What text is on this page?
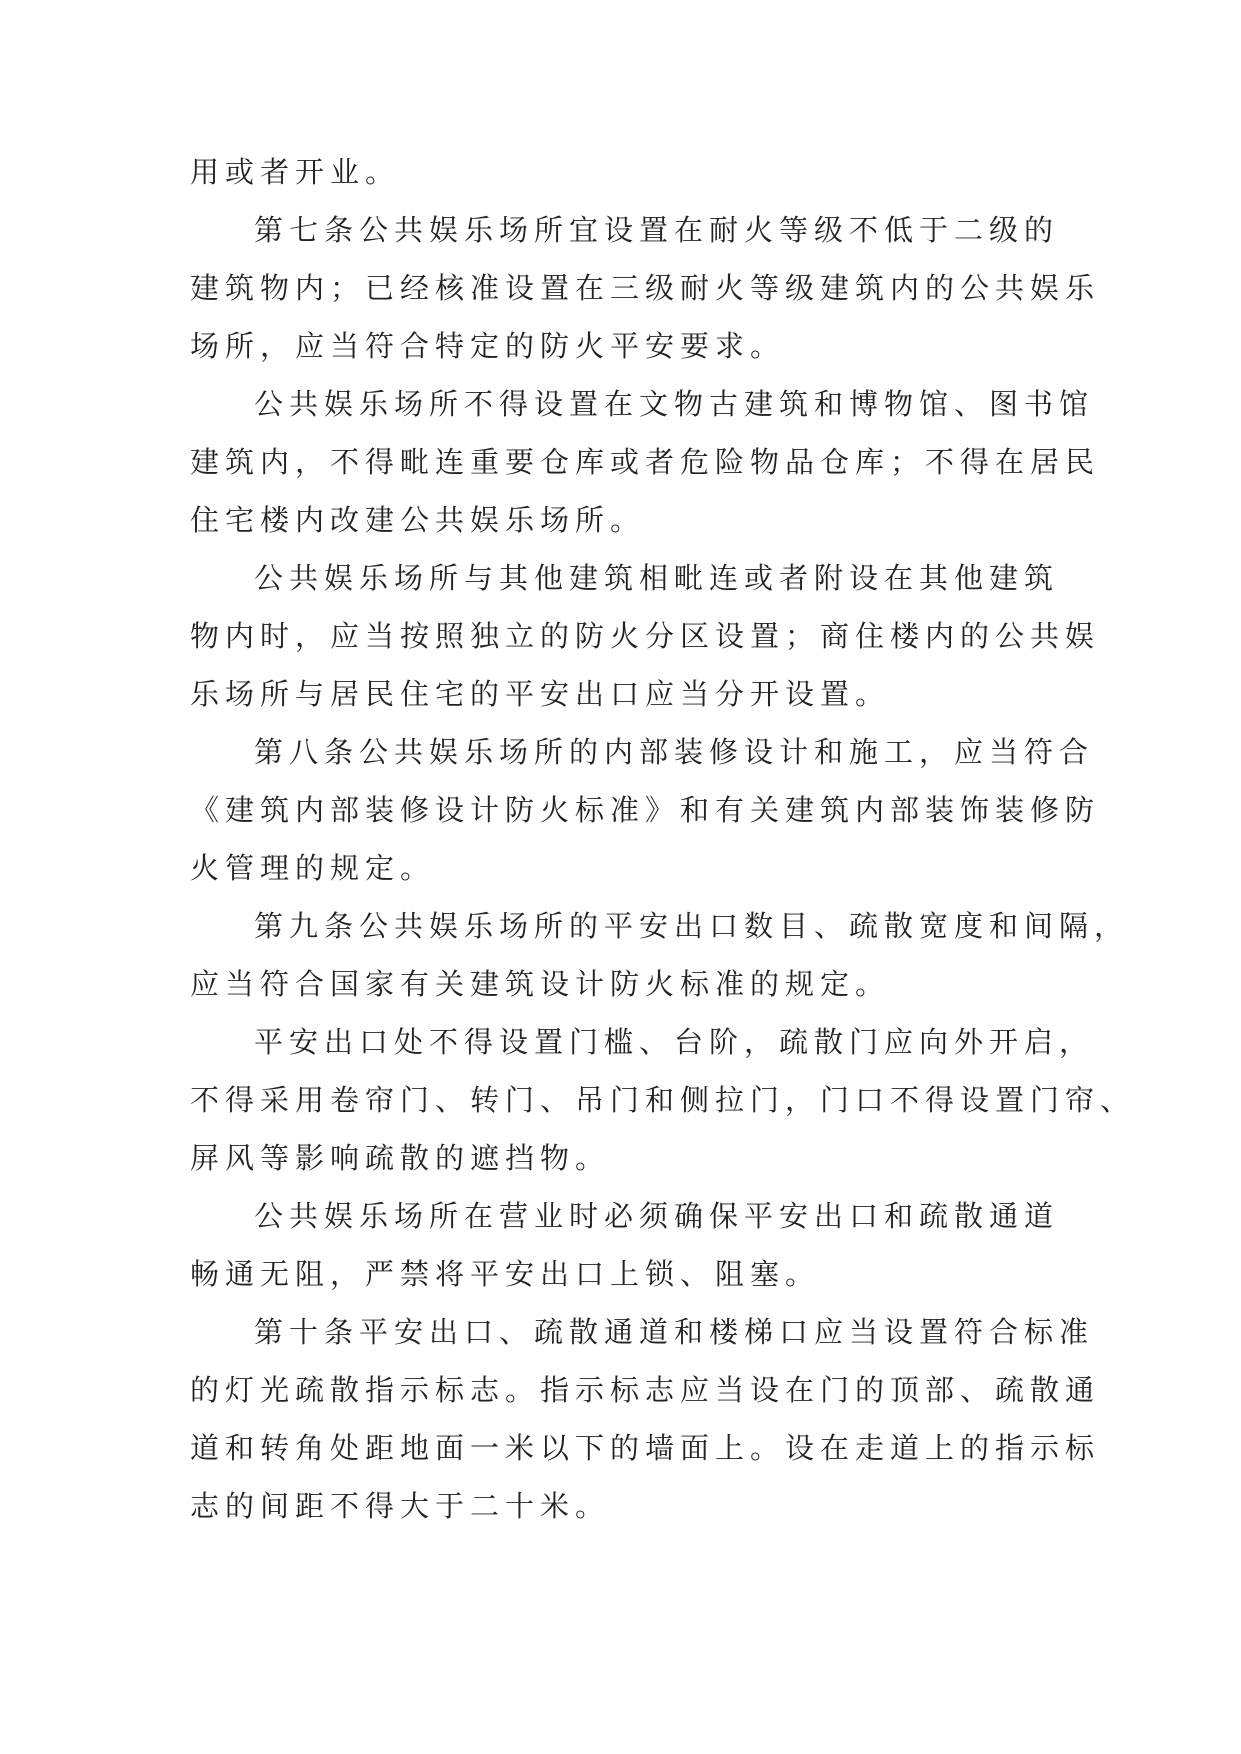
用或者开业。
第七条公共娱乐场所宜设置在耐火等级不低于二级的
建筑物内；已经核准设置在三级耐火等级建筑内的公共娱乐
场所，应当符合特定的防火平安要求。
公共娱乐场所不得设置在文物古建筑和博物馆、图书馆
建筑内，不得毗连重要仓库或者危险物品仓库；不得在居民
住宅楼内改建公共娱乐场所。
公共娱乐场所与其他建筑相毗连或者附设在其他建筑
物内时，应当按照独立的防火分区设置；商住楼内的公共娱
乐场所与居民住宅的平安出口应当分开设置。
第八条公共娱乐场所的内部装修设计和施工，应当符合
《建筑内部装修设计防火标准》和有关建筑内部装饰装修防
火管理的规定。
第九条公共娱乐场所的平安出口数目、疏散宽度和间隔，
应当符合国家有关建筑设计防火标准的规定。
平安出口处不得设置门槛、台阶，疏散门应向外开启，
不得采用卷帘门、转门、吊门和侧拉门，门口不得设置门帘、
屏风等影响疏散的遮挡物。
公共娱乐场所在营业时必须确保平安出口和疏散通道
畅通无阻，严禁将平安出口上锁、阻塞。
第十条平安出口、疏散通道和楼梯口应当设置符合标准
的灯光疏散指示标志。指示标志应当设在门的顶部、疏散通
道和转角处距地面一米以下的墙面上。设在走道上的指示标
志的间距不得大于二十米。
